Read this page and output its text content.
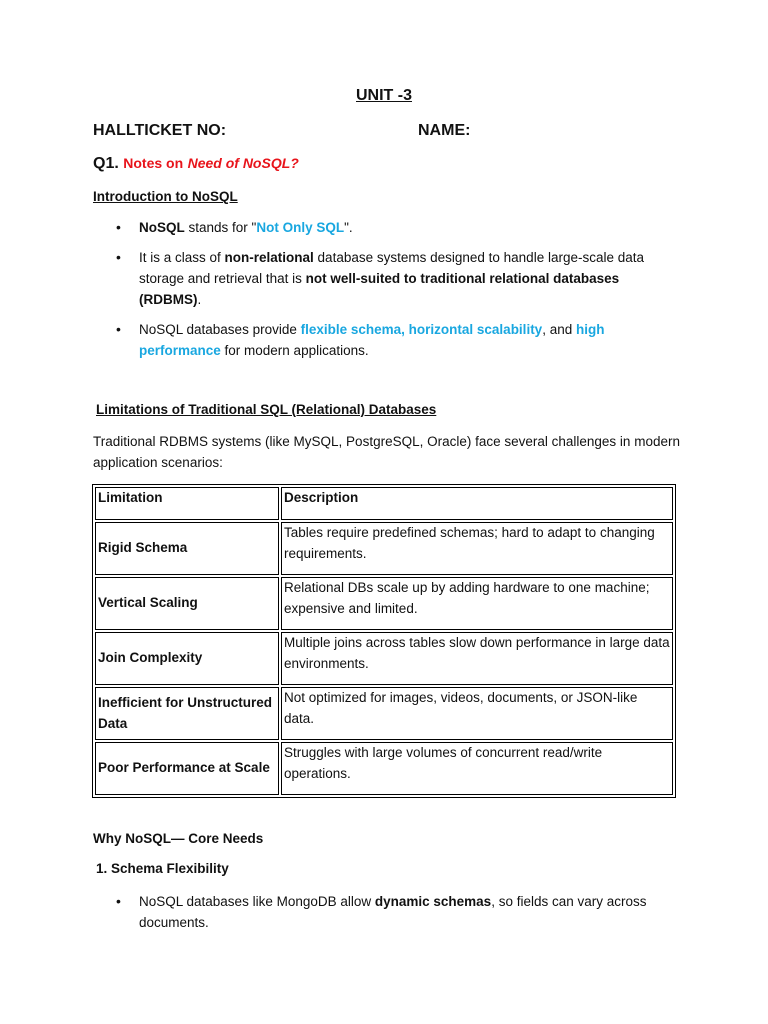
UNIT -3
HALLTICKET NO:	NAME:
Q1. Notes on Need of NoSQL?
Introduction to NoSQL
• NoSQL stands for "Not Only SQL".
• It is a class of non-relational database systems designed to handle large-scale data storage and retrieval that is not well-suited to traditional relational databases (RDBMS).
• NoSQL databases provide flexible schema, horizontal scalability, and high performance for modern applications.
Limitations of Traditional SQL (Relational) Databases
Traditional RDBMS systems (like MySQL, PostgreSQL, Oracle) face several challenges in modern application scenarios:
Limitation	Description
Rigid Schema	Tables require predefined schemas; hard to adapt to changing requirements.
Vertical Scaling	Relational DBs scale up by adding hardware to one machine; expensive and limited.
Join Complexity	Multiple joins across tables slow down performance in large data environments.
Inefficient for Unstructured Data	Not optimized for images, videos, documents, or JSON-like data.
Poor Performance at Scale	Struggles with large volumes of concurrent read/write operations.
Why NoSQL— Core Needs
1. Schema Flexibility
• NoSQL databases like MongoDB allow dynamic schemas, so fields can vary across documents.
